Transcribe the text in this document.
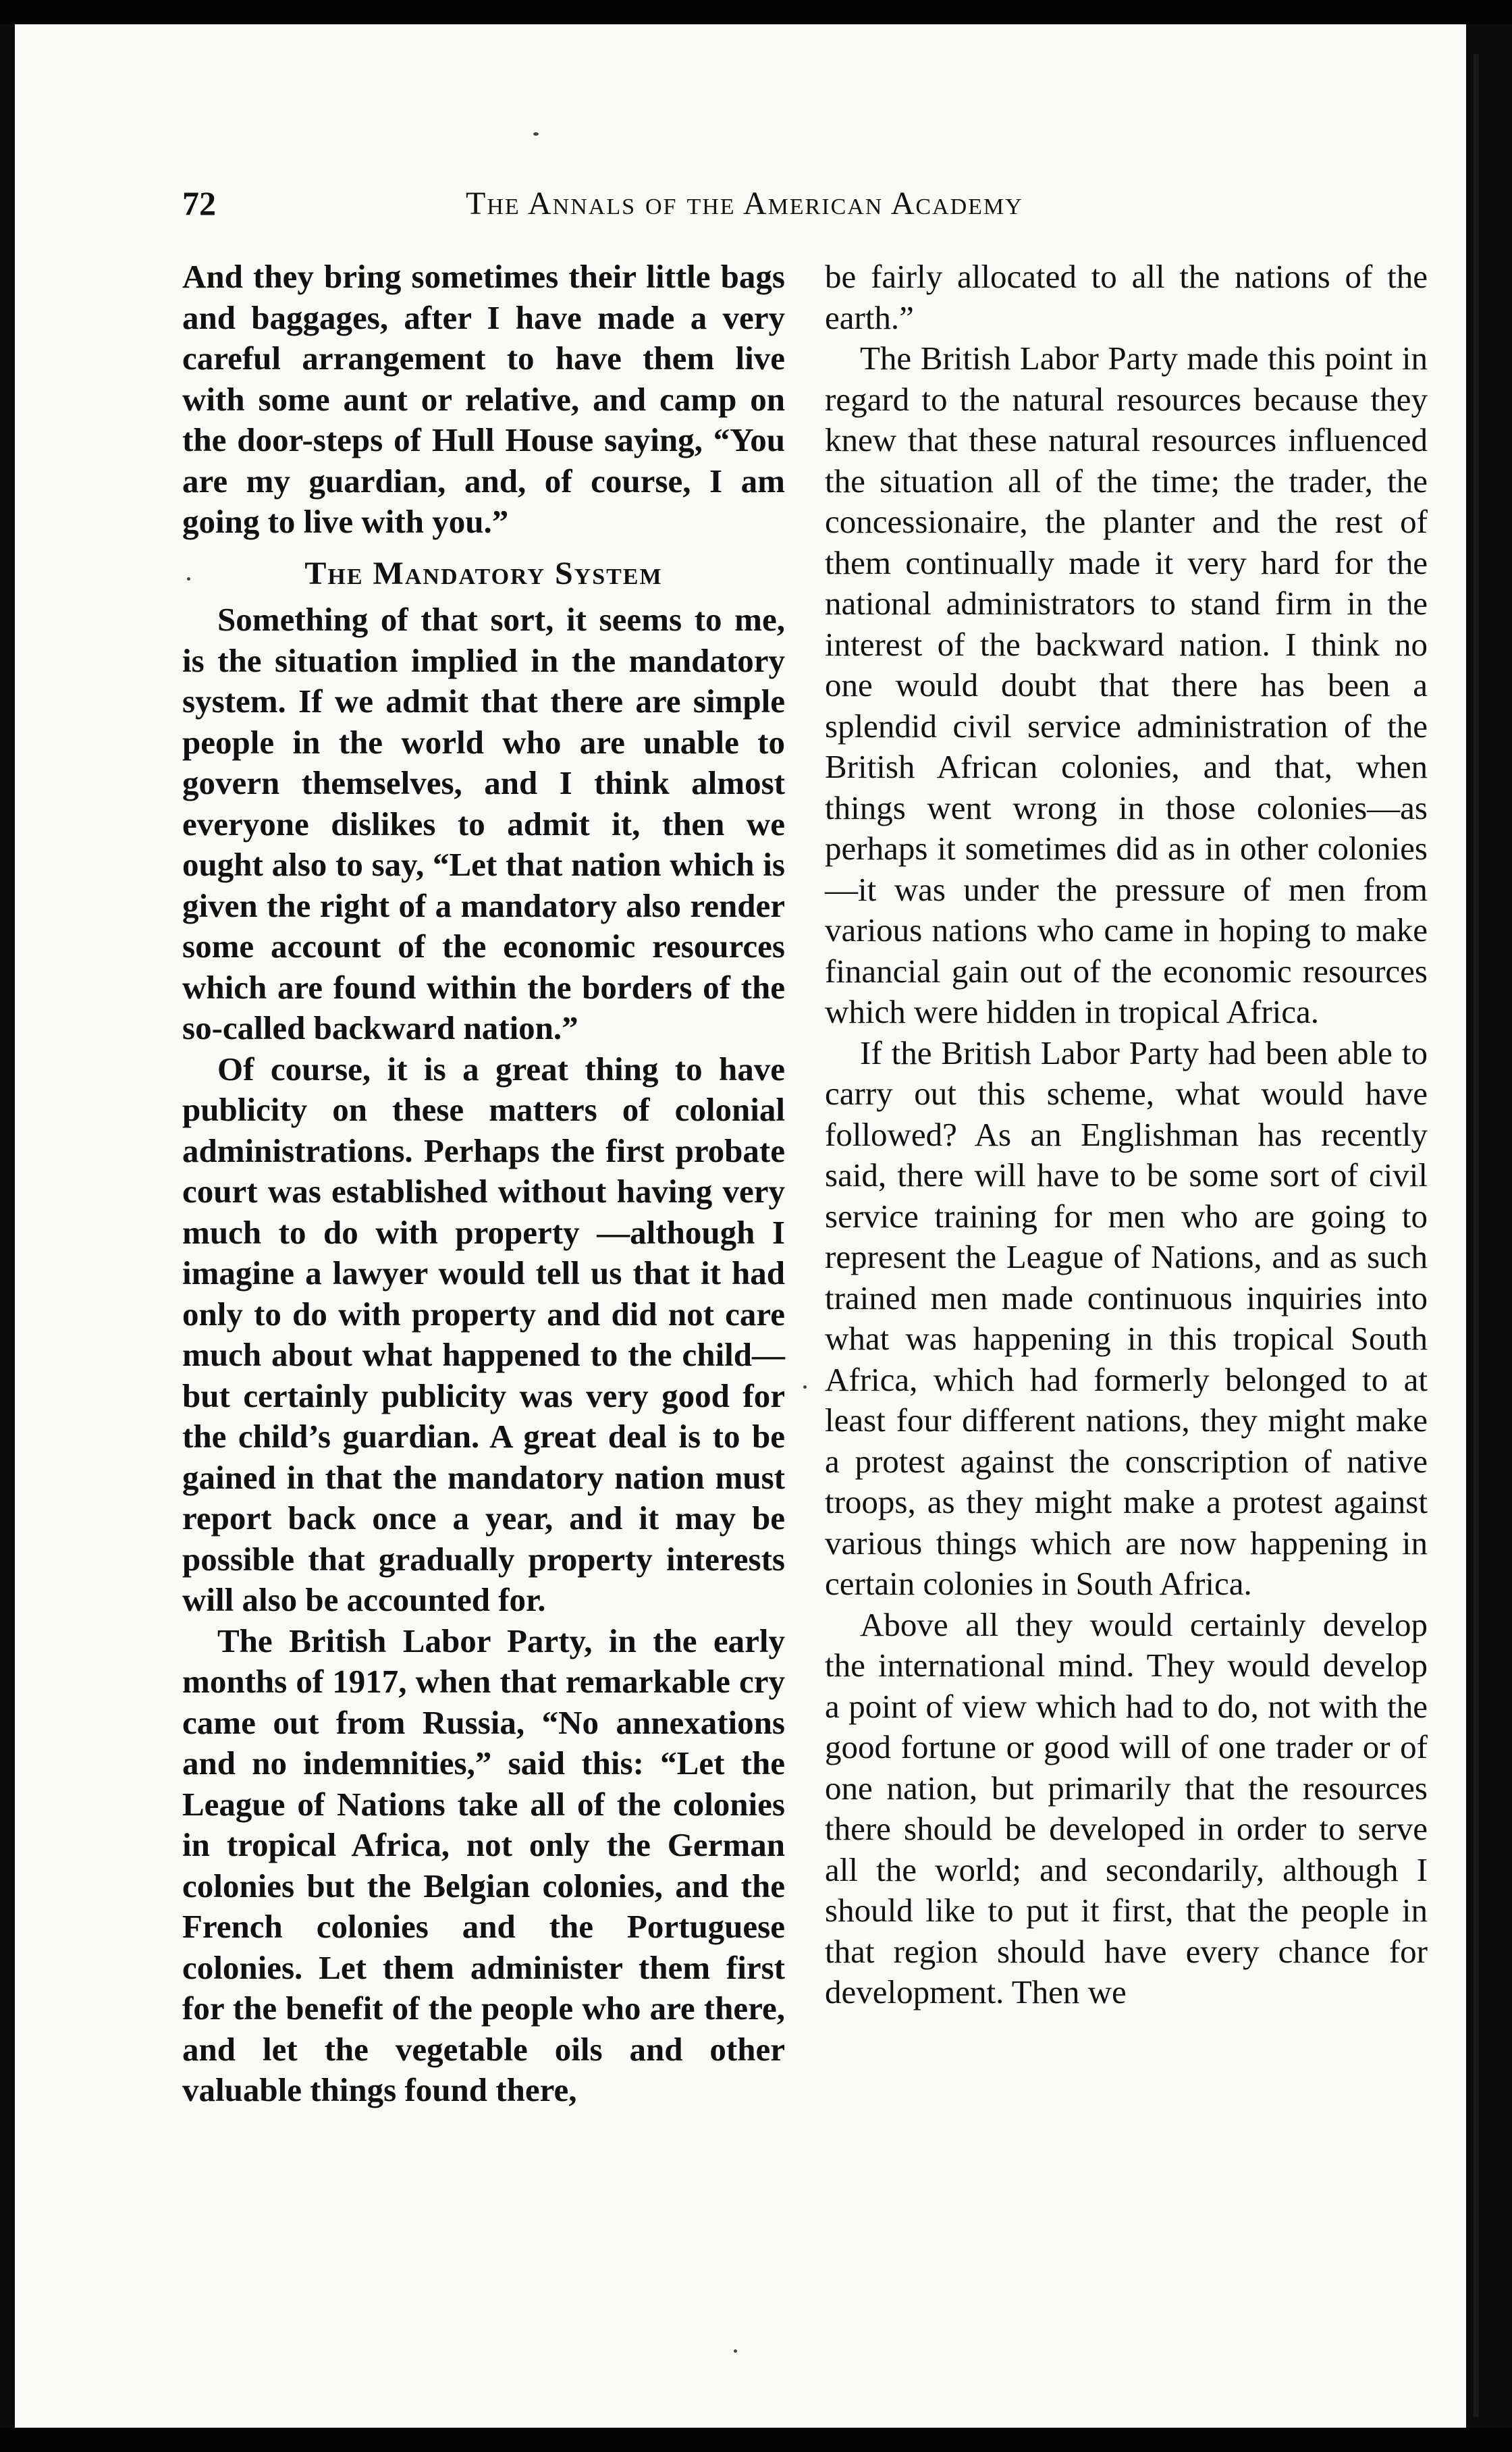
72	The Annals of the American Academy

And they bring sometimes their little bags and baggages, after I have made a very careful arrangement to have them live with some aunt or relative, and camp on the door-steps of Hull House saying, “You are my guardian, and, of course, I am going to live with you.”

The Mandatory System

Something of that sort, it seems to me, is the situation implied in the mandatory system. If we admit that there are simple people in the world who are unable to govern themselves, and I think almost everyone dislikes to admit it, then we ought also to say, “Let that nation which is given the right of a mandatory also render some account of the economic resources which are found within the borders of the so-called backward nation.”

Of course, it is a great thing to have publicity on these matters of colonial administrations. Perhaps the first probate court was established without having very much to do with property —although I imagine a lawyer would tell us that it had only to do with property and did not care much about what happened to the child—but certainly publicity was very good for the child’s guardian. A great deal is to be gained in that the mandatory nation must report back once a year, and it may be possible that gradually property interests will also be accounted for.

The British Labor Party, in the early months of 1917, when that remarkable cry came out from Russia, “No annexations and no indemnities,” said this: “Let the League of Nations take all of the colonies in tropical Africa, not only the German colonies but the Belgian colonies, and the French colonies and the Portuguese colonies. Let them administer them first for the benefit of the people who are there, and let the vegetable oils and other valuable things found there,

be fairly allocated to all the nations of the earth.”

The British Labor Party made this point in regard to the natural resources because they knew that these natural resources influenced the situation all of the time; the trader, the concessionaire, the planter and the rest of them continually made it very hard for the national administrators to stand firm in the interest of the backward nation. I think no one would doubt that there has been a splendid civil service administration of the British African colonies, and that, when things went wrong in those colonies—as perhaps it sometimes did as in other colonies—it was under the pressure of men from various nations who came in hoping to make financial gain out of the economic resources which were hidden in tropical Africa.

If the British Labor Party had been able to carry out this scheme, what would have followed? As an Englishman has recently said, there will have to be some sort of civil service training for men who are going to represent the League of Nations, and as such trained men made continuous inquiries into what was happening in this tropical South Africa, which had formerly belonged to at least four different nations, they might make a protest against the conscription of native troops, as they might make a protest against various things which are now happening in certain colonies in South Africa.

Above all they would certainly develop the international mind. They would develop a point of view which had to do, not with the good fortune or good will of one trader or of one nation, but primarily that the resources there should be developed in order to serve all the world; and secondarily, although I should like to put it first, that the people in that region should have every chance for development. Then we
